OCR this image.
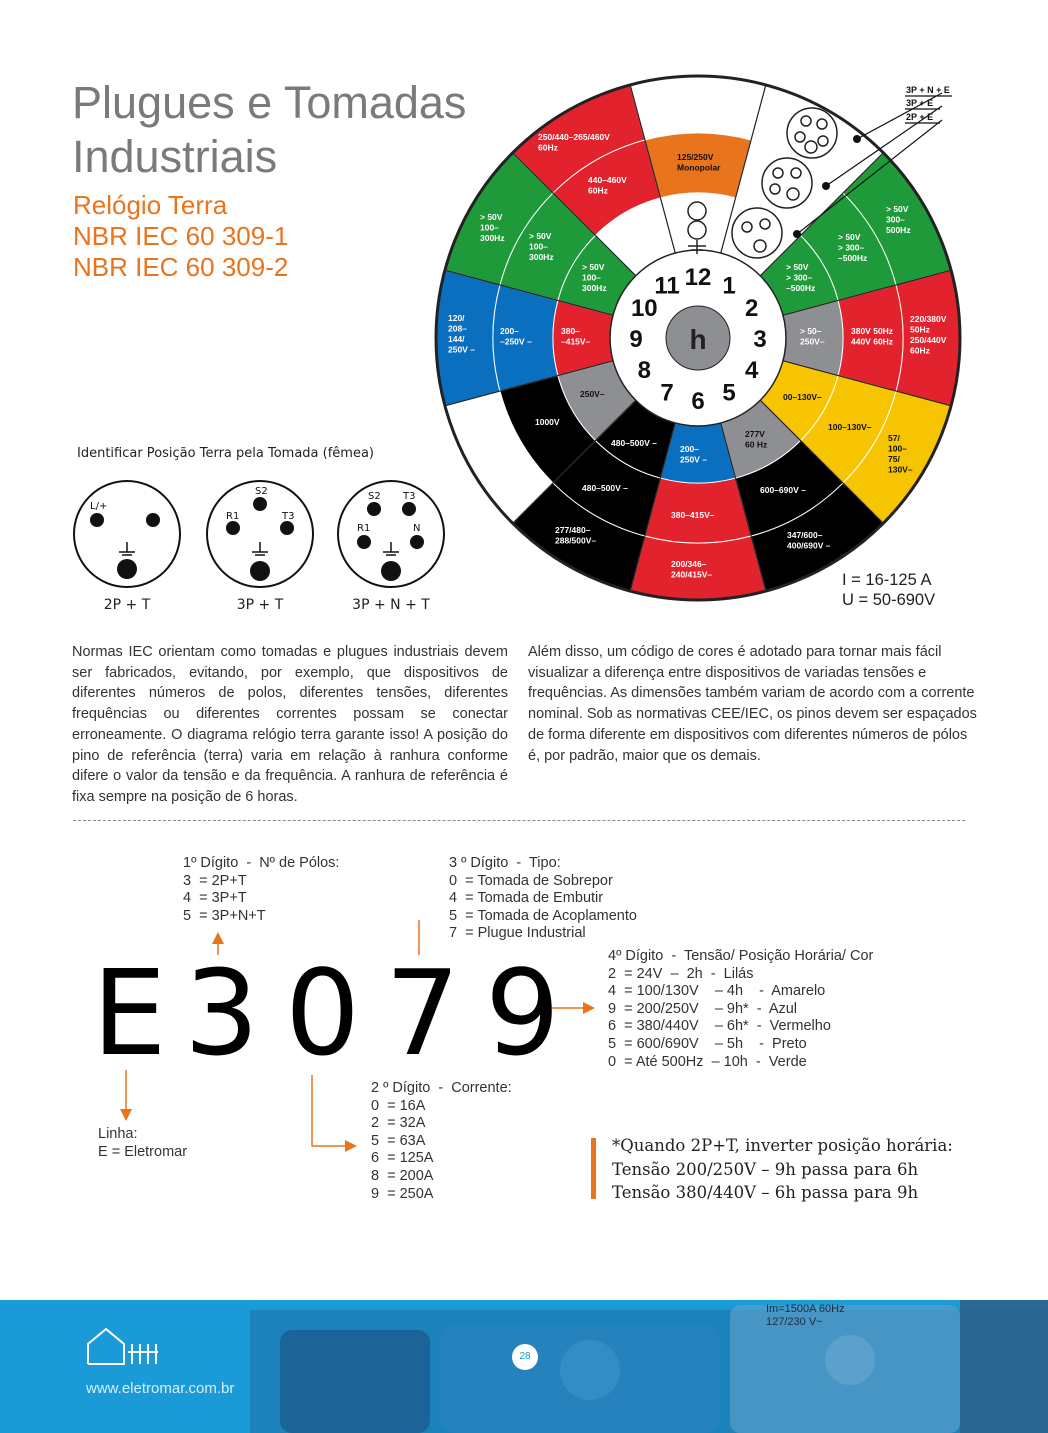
Plugues e Tomadas
Industriais
Relógio Terra
NBR IEC 60 309-1
NBR IEC 60 309-2
1
2
3
4
5
6
7
8
9
10
11 12
h
3P + N + E
3P + E
2P + E
250/440–265/460V 60Hz
> 50V 300– 500Hz
220/380V 50Hz 250/440V 60Hz
57/ 100– 75/ 130V–
347/600– 400/690V –
200/346– 240/415V–
277/480– 288/500V–
120/ 208– 144/ 250V –
> 50V 100– 300Hz
125/250V Monopolar
440–460V 60Hz
> 50V > 300– –500Hz
380V 50Hz 440V 60Hz
100–130V–
600–690V –
380–415V–
480–500V –
1000V
200– –250V –
> 50V 100– 300Hz
> 50V > 300– –500Hz
> 50– 250V–
00–130V–
277V 60 Hz
200– 250V –
480–500V –
250V–
380– –415V–
> 50V 100– 300Hz
I = 16-125 A
U = 50-690V
Identificar Posição Terra pela Tomada (fêmea)
L/+
S2
R1	T3
S2 T3
R1	N
2P + T	3P + T	3P + N + T
Normas IEC orientam como tomadas e plugues industriais devem ser fabricados, evitando, por exemplo, que dispositivos de diferentes números de polos, diferentes tensões, diferentes frequências ou diferentes correntes possam se conectar erroneamente. O diagrama relógio terra garante isso! A posição do pino de referência (terra) varia em relação à ranhura conforme difere o valor da tensão e da frequência. A ranhura de referência é fixa sempre na posição de 6 horas.
Além disso, um código de cores é adotado para tornar mais fácil visualizar a diferença entre dispositivos de variadas tensões e frequências. As dimensões também variam de acordo com a corrente nominal. Sob as normativas CEE/IEC, os pinos devem ser espaçados de forma diferente em dispositivos com diferentes números de pólos é, por padrão, maior que os demais.
1º Dígito  -  Nº de Pólos:
3  = 2P+T
4  = 3P+T
5  = 3P+N+T
3 º Dígito  -  Tipo:
0  = Tomada de Sobrepor
4  = Tomada de Embutir
5  = Tomada de Acoplamento
7  = Plugue Industrial
4º Dígito  -  Tensão/ Posição Horária/ Cor
2  = 24V  –  2h  -  Lilás
4  = 100/130V    – 4h    -  Amarelo
9  = 200/250V    – 9h*  -  Azul
6  = 380/440V    – 6h*  -  Vermelho
5  = 600/690V    – 5h    -  Preto
0  = Até 500Hz  – 10h  -  Verde
2 º Dígito  -  Corrente:
0  = 16A
2  = 32A
5  = 63A
6  = 125A
8  = 200A
9  = 250A
Linha:
E = Eletromar
E 3 0 7 9
*Quando 2P+T, inverter posição horária:
Tensão 200/250V – 9h passa para 6h
Tensão 380/440V – 6h passa para 9h
Im=1500A 60Hz
127/230 V~
28
www.eletromar.com.br
